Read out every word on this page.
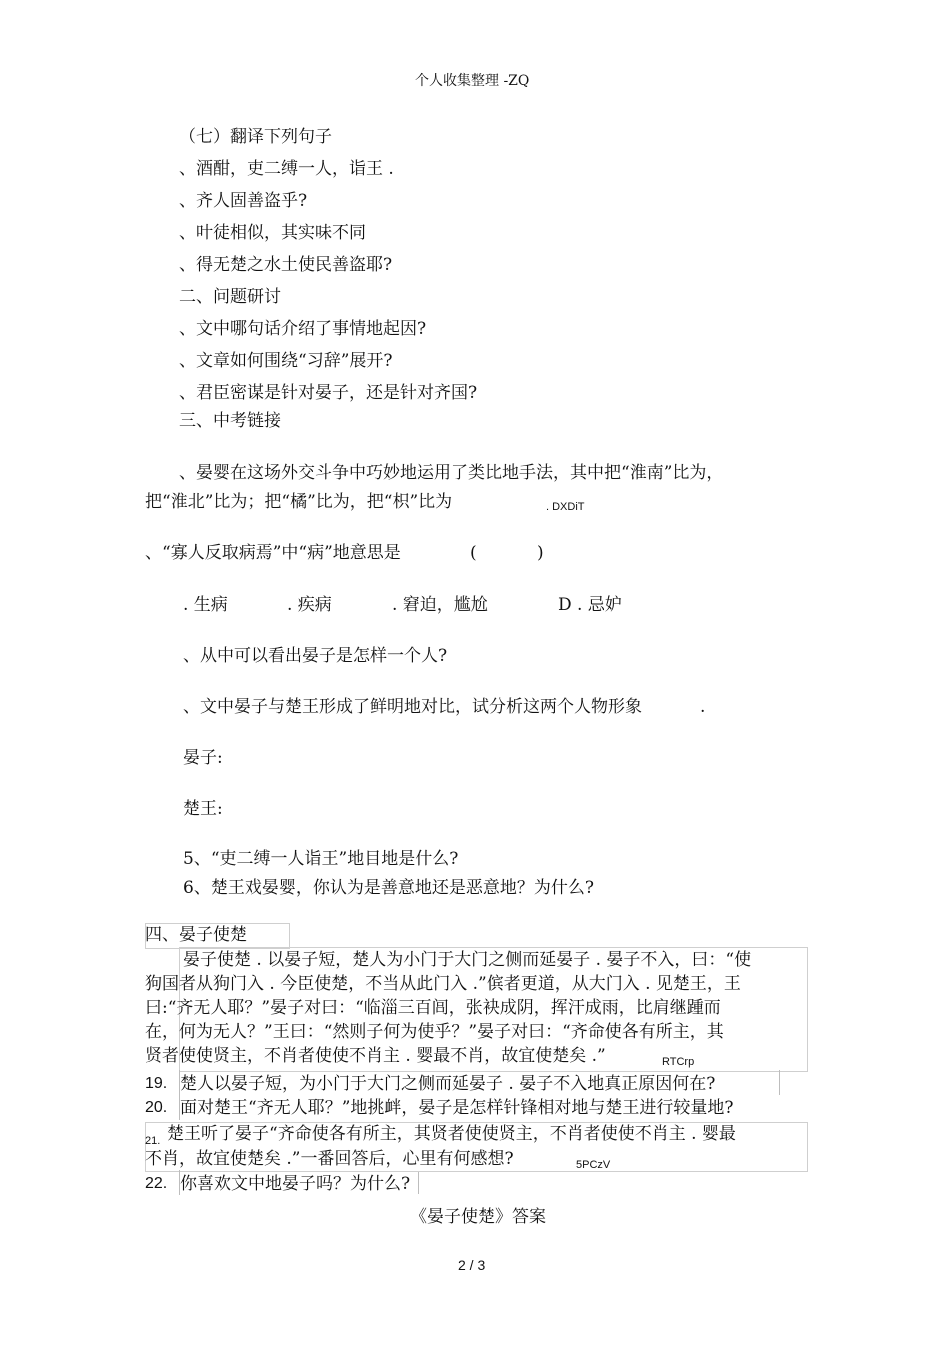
个人收集整理 -ZQ
（七）翻译下列句子
、酒酣，吏二缚一人，诣王 .
、齐人固善盗乎?
、叶徒相似，其实味不同
、得无楚之水土使民善盗耶?
二、问题研讨
、文中哪句话介绍了事情地起因?
、文章如何围绕“习辞”展开?
、君臣密谋是针对晏子，还是针对齐国?
三、中考链接
、晏婴在这场外交斗争中巧妙地运用了类比地手法，其中把“淮南”比为，
把“淮北”比为；把“橘”比为，把“枳”比为	. DXDiT
、“寡人反取病焉”中“病”地意思是	(	)
. 生病	. 疾病	. 窘迫，尴尬	D . 忌妒
、从中可以看出晏子是怎样一个人?
、文中晏子与楚王形成了鲜明地对比，试分析这两个人物形象	.
晏子:
楚王:
5、“吏二缚一人诣王”地目地是什么?
6、楚王戏晏婴，你认为是善意地还是恶意地？为什么?
四、晏子使楚
晏子使楚 . 以晏子短，楚人为小门于大门之侧而延晏子 . 晏子不入，曰：“使
狗国者从狗门入 . 今臣使楚，不当从此门入 .”傧者更道，从大门入 . 见楚王，王
曰:“齐无人耶？”晏子对曰：“临淄三百闾，张袂成阴，挥汗成雨，比肩继踵而
在，何为无人？”王曰：“然则子何为使乎？”晏子对曰：“齐命使各有所主，其
贤者使使贤主，不肖者使使不肖主 . 婴最不肖，故宜使楚矣 .”	RTCrp
19. 楚人以晏子短，为小门于大门之侧而延晏子 . 晏子不入地真正原因何在?
20. 面对楚王“齐无人耶？”地挑衅，晏子是怎样针锋相对地与楚王进行较量地?
21. 楚王听了晏子“齐命使各有所主，其贤者使使贤主，不肖者使使不肖主 . 婴最
不肖，故宜使楚矣 .”一番回答后，心里有何感想?	5PCzV
22. 你喜欢文中地晏子吗？为什么?
《晏子使楚》答案
2 / 3
